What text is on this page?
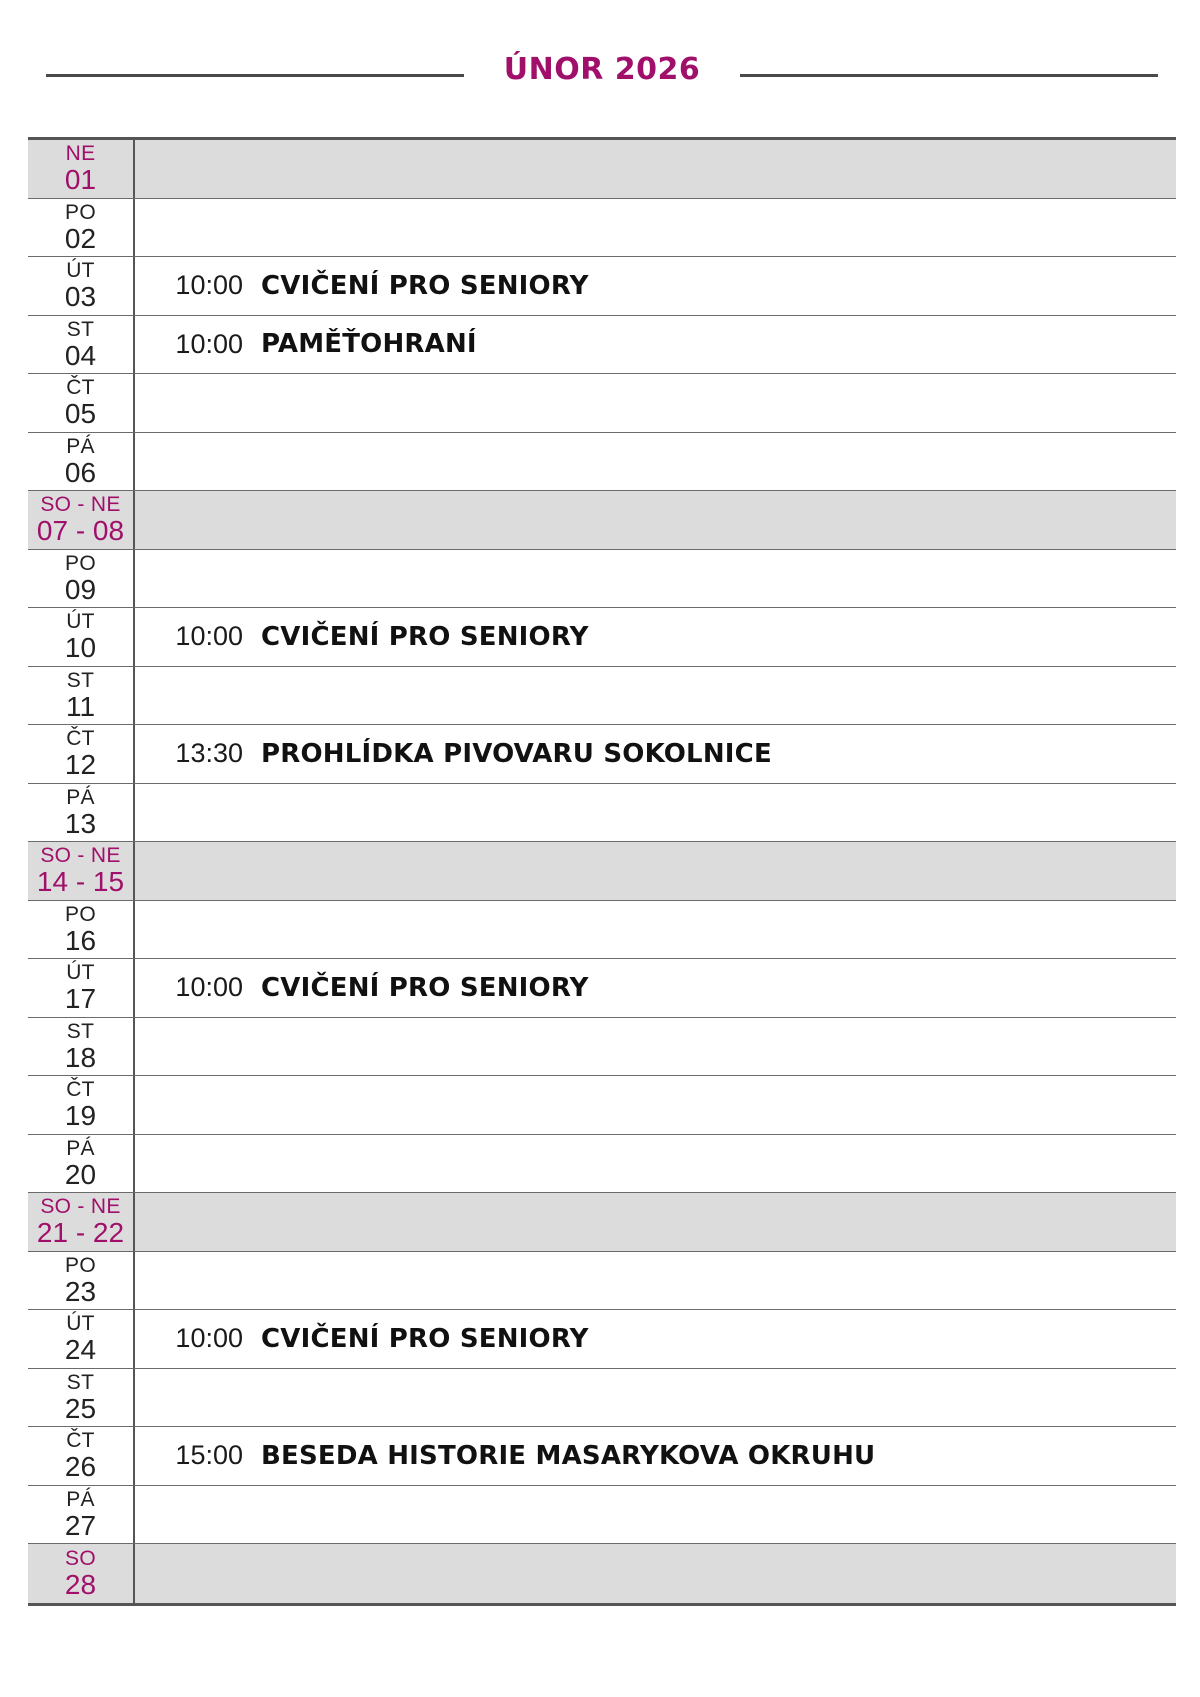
ÚNOR 2026
NE
01
PO
02
ÚT
03	10:00 CVIČENÍ PRO SENIORY
ST
04	10:00 PAMĚŤOHRANÍ
ČT
05
PÁ
06
SO - NE
07 - 08
PO
09
ÚT
10	10:00 CVIČENÍ PRO SENIORY
ST
11
ČT
12	13:30 PROHLÍDKA PIVOVARU SOKOLNICE
PÁ
13
SO - NE
14 - 15
PO
16
ÚT
17	10:00 CVIČENÍ PRO SENIORY
ST
18
ČT
19
PÁ
20
SO - NE
21 - 22
PO
23
ÚT
24	10:00 CVIČENÍ PRO SENIORY
ST
25
ČT
26	15:00 BESEDA HISTORIE MASARYKOVA OKRUHU
PÁ
27
SO
28
